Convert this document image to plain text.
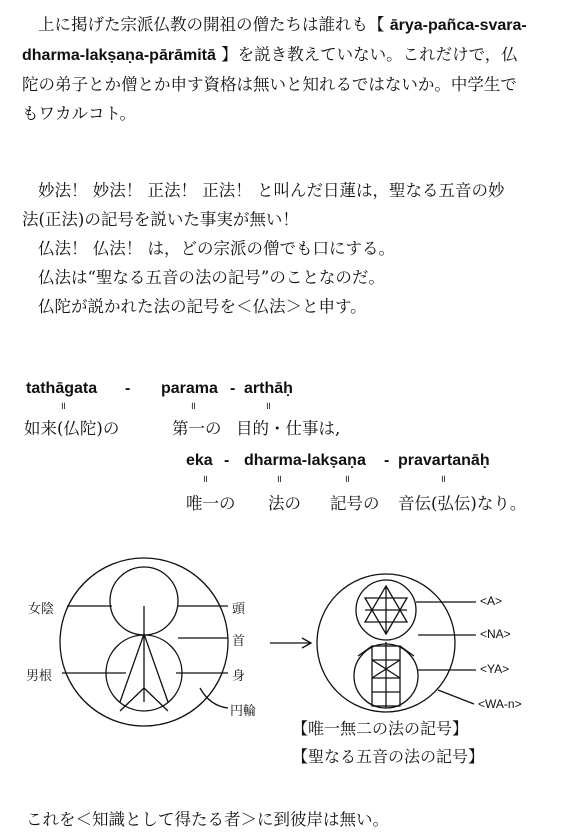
上に掲げた宗派仏教の開祖の僧たちは誰れも【 ārya-pañca-svara-
dharma-lakṣaṇa-pārāmitā 】を説き教えていない。これだけで，仏
陀の弟子とか僧とか申す資格は無いと知れるではないか。中学生で
もワカルコト。
妙法！ 妙法！ 正法！ 正法！ と叫んだ日蓮は，聖なる五音の妙
法(正法)の記号を説いた事実が無い！
仏法！ 仏法！ は，どの宗派の僧でも口にする。
仏法は“聖なる五音の法の記号”のことなのだ。
仏陀が説かれた法の記号を＜仏法＞と申す。
tathāgata - parama - arthāḥ
॥	॥	॥
如来(仏陀)の	第一の 目的・仕事は,
eka - dharma-lakṣaṇa - pravartanāḥ
॥	॥	॥	॥
唯一の 法の 記号の 音伝(弘伝)なり。
女陰
男根
頭
首
身
円輪
<A>
<NA>
<YA>
<WA-n>
【唯一無二の法の記号】
【聖なる五音の法の記号】
これを＜知識として得たる者＞に到彼岸は無い。
